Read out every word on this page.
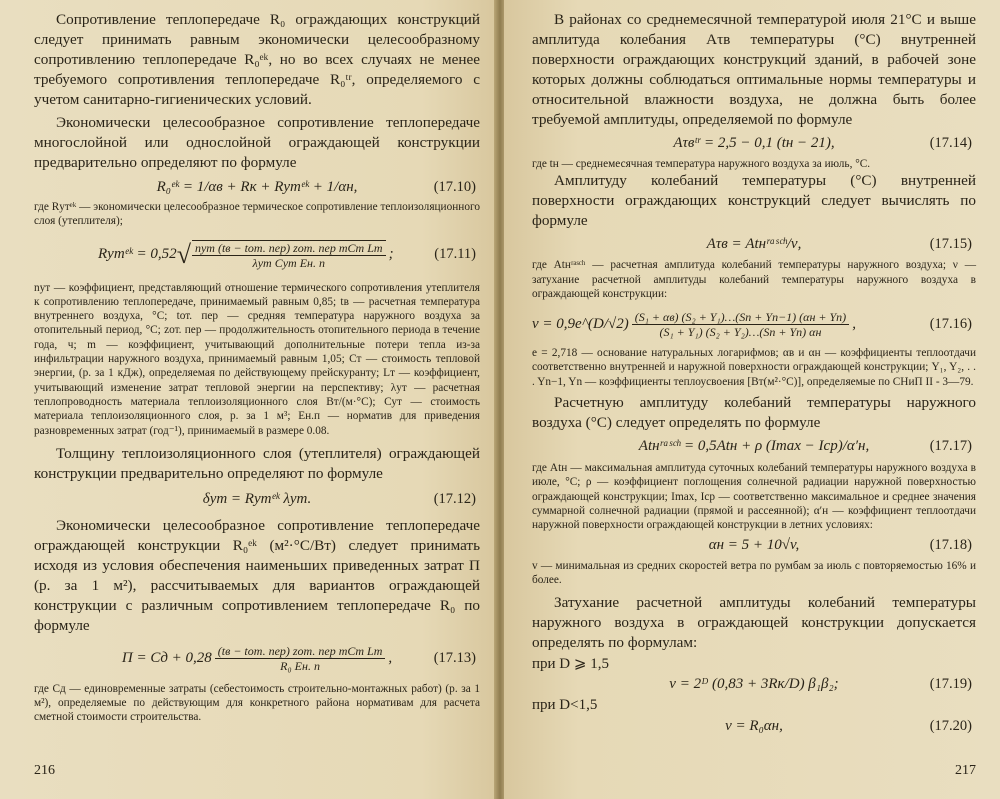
Сопротивление теплопередаче R₀ ограждающих конструкций следует принимать равным экономически целесообразному сопротивлению теплопередаче R₀ᵉᵏ, но во всех случаях не менее требуемого сопротивления теплопередаче R₀ᵗʳ, определяемого с учетом санитарно-гигиенических условий.

Экономически целесообразное сопротивление теплопередаче многослойной или однослойной ограждающей конструкции предварительно определяют по формуле

R₀ᵉᵏ = 1/αв + Rк + Rутᵉᵏ + 1/αн,	(17.10)

где Rутᵉᵏ — экономически целесообразное термическое сопротивление теплоизоляционного слоя (утеплителя);

Rутᵉᵏ = 0,52 √ $\frac{\text{nут (tв − tот. пер) zот. пер mCт Lт}}{\text{λут Cут Eн. п}}$ ;	(17.11)

nут — коэффициент, представляющий отношение термического сопротивления утеплителя к сопротивлению теплопередаче, принимаемый равным 0,85; tв — расчетная температура внутреннего воздуха, °С; tот. пер — средняя температура наружного воздуха за отопительный период, °С; zот. пер — продолжительность отопительного периода в течение года, ч; m — коэффициент, учитывающий дополнительные потери тепла из-за инфильтрации наружного воздуха, принимаемый равным 1,05; Ст — стоимость тепловой энергии, (р. за 1 кДж), определяемая по действующему прейскуранту; Lт — коэффициент, учитывающий изменение затрат тепловой энергии на перспективу; λут — расчетная теплопроводность материала теплоизоляционного слоя Вт/(м·°С); Сут — стоимость материала теплоизоляционного слоя, р. за 1 м³; Ен.п — норматив для приведения разновременных затрат (год⁻¹), принимаемый в размере 0.08.

Толщину теплоизоляционного слоя (утеплителя) ограждающей конструкции предварительно определяют по формуле

δут = Rутᵉᵏ λут.	(17.12)

Экономически целесообразное сопротивление теплопередаче ограждающей конструкции R₀ᵉᵏ (м²·°С/Вт) следует принимать исходя из условия обеспечения наименьших приведенных затрат П (р. за 1 м²), рассчитываемых для вариантов ограждающей конструкции с различным сопротивлением теплопередаче R₀ по формуле

П = Сд + $0,28 \frac{\text{(tв − tот. пер) zот. пер mCт Lт}}{\text{R₀ Eн. п}}$ ,	(17.13)

где Сд — единовременные затраты (себестоимость строительно-монтажных работ) (р. за 1 м²), определяемые по действующим для конкретного района нормативам для расчета сметной стоимости строительства.

216

В районах со среднемесячной температурой июля 21°С и выше амплитуда колебания Aτв температуры (°С) внутренней поверхности ограждающих конструкций зданий, в рабочей зоне которых должны соблюдаться оптимальные нормы температуры и относительной влажности воздуха, не должна быть более требуемой амплитуды, определяемой по формуле

Aτвᵗʳ = 2,5 − 0,1 (tн − 21),	(17.14)

где tн — среднемесячная температура наружного воздуха за июль, °С.

Амплитуду колебаний температуры (°С) внутренней поверхности ограждающих конструкций следует вычислять по формуле

Aτв = Atнʳᵃˢᶜʰ/ν,	(17.15)

где Atнʳᵃˢᶜʰ — расчетная амплитуда колебаний температуры наружного воздуха; ν — затухание расчетной амплитуды колебаний температуры наружного воздуха в ограждающей конструкции:

ν = 0,9e^(D/√2) $\frac{\text{(S₁ + αв) (S₂ + Y₁)…(Sn + Yn−1) (αн + Yn)}}{\text{(S₁ + Y₁) (S₂ + Y₂)…(Sn + Yn) αн}}$ ,	(17.16)

e = 2,718 — основание натуральных логарифмов; αв и αн — коэффициенты теплоотдачи соответственно внутренней и наружной поверхности ограждающей конструкции; Y₁, Y₂, . . . Yn−1, Yn — коэффициенты теплоусвоения [Вт(м²·°С)], определяемые по СНиП II - 3—79.

Расчетную амплитуду колебаний температуры наружного воздуха (°С) следует определять по формуле

Atнʳᵃˢᶜʰ = 0,5Atн + ρ (Imax − Iср)/α′н,	(17.17)

где Atн — максимальная амплитуда суточных колебаний температуры наружного воздуха в июле, °С; ρ — коэффициент поглощения солнечной радиации наружной поверхностью ограждающей конструкции; Imax, Iср — соответственно максимальное и среднее значения суммарной солнечной радиации (прямой и рассеянной); α′н — коэффициент теплоотдачи наружной поверхности ограждающей конструкции в летних условиях:

αн = 5 + 10√v,	(17.18)

v — минимальная из средних скоростей ветра по румбам за июль с повторяемостью 16% и более.

Затухание расчетной амплитуды колебаний температуры наружного воздуха в ограждающей конструкции допускается определять по формулам:

при D ⩾ 1,5
ν = 2ᴰ (0,83 + 3Rк/D) β₁β₂;	(17.19)
при D<1,5
ν = R₀αн,	(17.20)
217
